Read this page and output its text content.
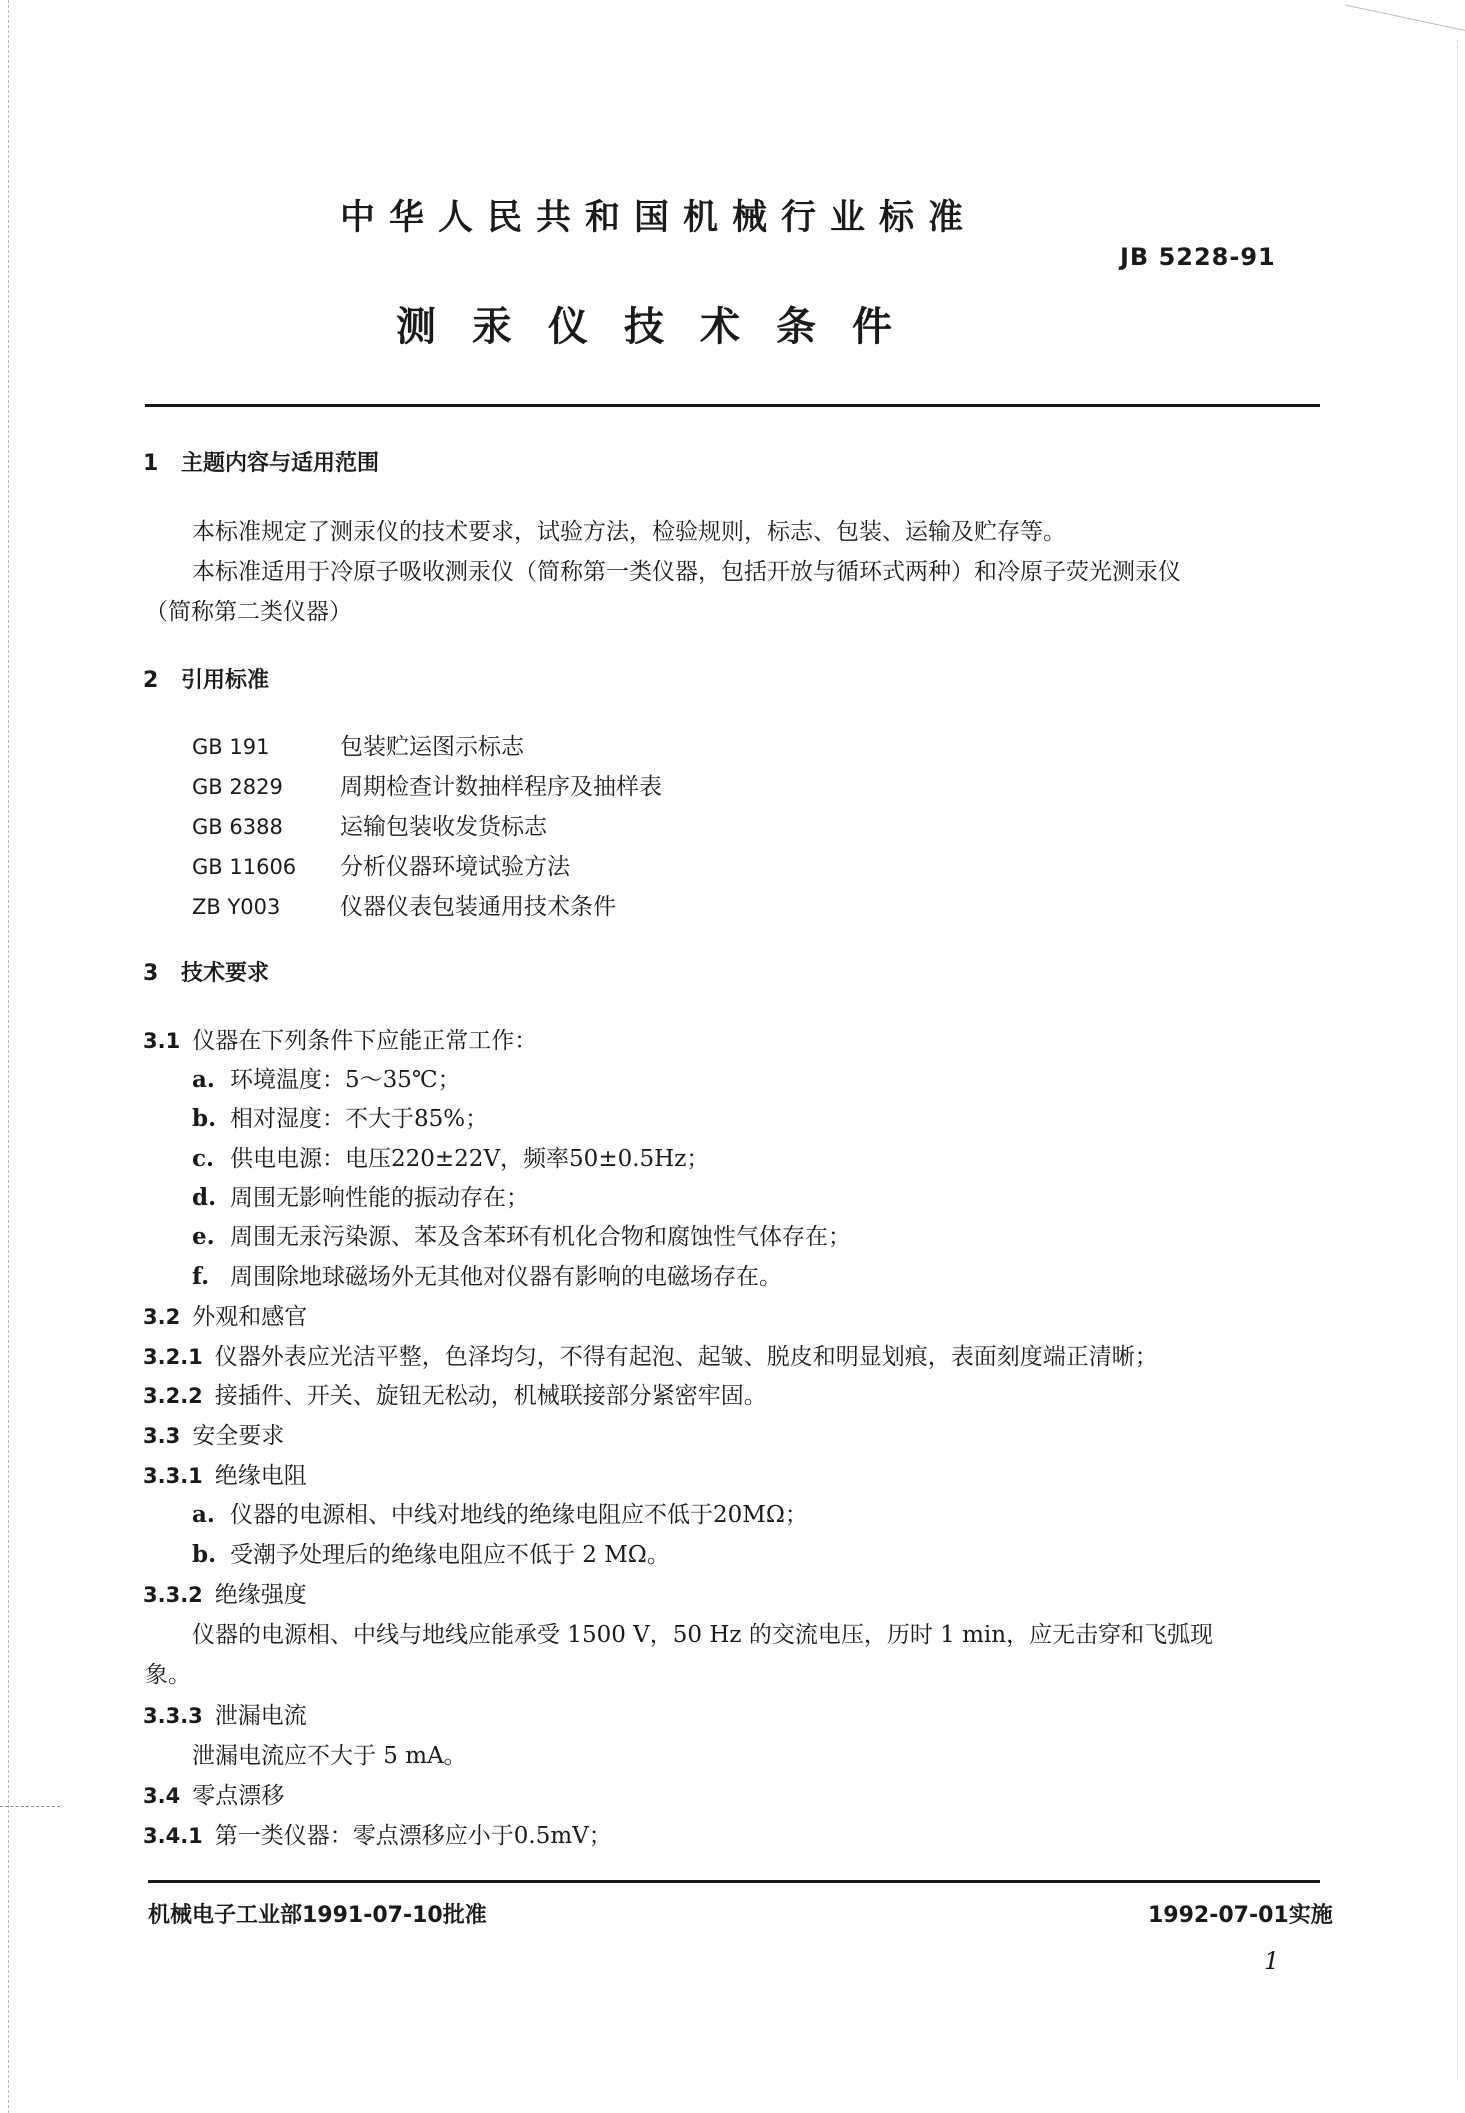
中华人民共和国机械行业标准
JB 5228-91
测汞仪技术条件
1 主题内容与适用范围
本标准规定了测汞仪的技术要求，试验方法，检验规则，标志、包装、运输及贮存等。
本标准适用于冷原子吸收测汞仪（简称第一类仪器，包括开放与循环式两种）和冷原子荧光测汞仪
（简称第二类仪器）
2 引用标准
GB 191	包装贮运图示标志
GB 2829 周期检查计数抽样程序及抽样表
GB 6388 运输包装收发货标志
GB 11606 分析仪器环境试验方法
ZB Y003	仪器仪表包装通用技术条件
3 技术要求
3.1 仪器在下列条件下应能正常工作：
a. 环境温度：5～35℃；
b. 相对湿度：不大于85%；
c. 供电电源：电压220±22V，频率50±0.5Hz；
d. 周围无影响性能的振动存在；
e. 周围无汞污染源、苯及含苯环有机化合物和腐蚀性气体存在；
f. 周围除地球磁场外无其他对仪器有影响的电磁场存在。
3.2 外观和感官
3.2.1 仪器外表应光洁平整，色泽均匀，不得有起泡、起皱、脱皮和明显划痕，表面刻度端正清晰；
3.2.2 接插件、开关、旋钮无松动，机械联接部分紧密牢固。
3.3 安全要求
3.3.1 绝缘电阻
a. 仪器的电源相、中线对地线的绝缘电阻应不低于20MΩ；
b. 受潮予处理后的绝缘电阻应不低于 2 MΩ。
3.3.2 绝缘强度
仪器的电源相、中线与地线应能承受 1500 V，50 Hz 的交流电压，历时 1 min，应无击穿和飞弧现
象。
3.3.3 泄漏电流
泄漏电流应不大于 5 mA。
3.4 零点漂移
3.4.1 第一类仪器：零点漂移应小于0.5mV；
机械电子工业部1991-07-10批准	1992-07-01实施
1
